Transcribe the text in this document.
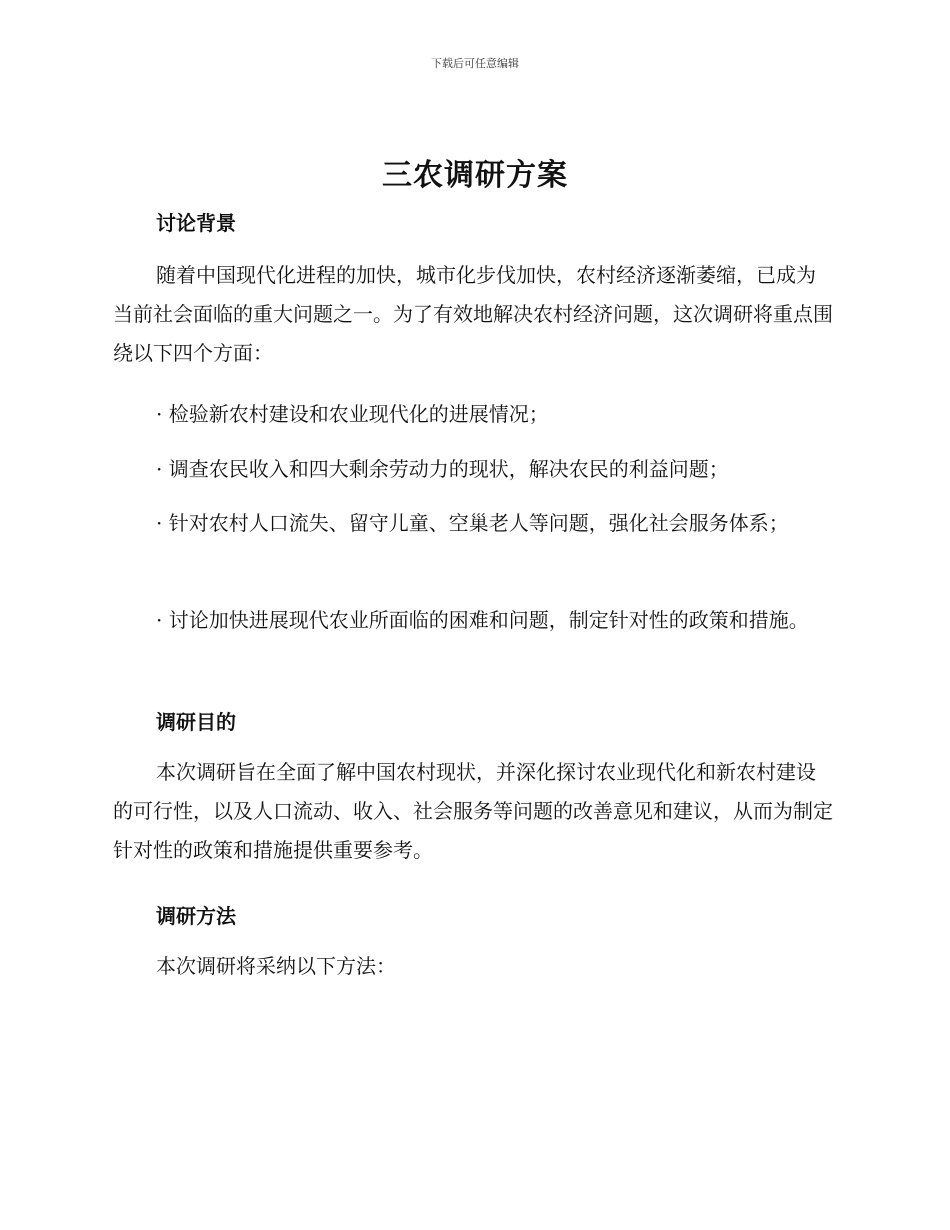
下载后可任意编辑
三农调研方案
讨论背景

随着中国现代化进程的加快，城市化步伐加快，农村经济逐渐萎缩，已成为当前社会面临的重大问题之一。为了有效地解决农村经济问题，这次调研将重点围绕以下四个方面：

· 检验新农村建设和农业现代化的进展情况；

· 调查农民收入和四大剩余劳动力的现状，解决农民的利益问题；

· 针对农村人口流失、留守儿童、空巢老人等问题，强化社会服务体系；

· 讨论加快进展现代农业所面临的困难和问题，制定针对性的政策和措施。

调研目的

本次调研旨在全面了解中国农村现状，并深化探讨农业现代化和新农村建设的可行性，以及人口流动、收入、社会服务等问题的改善意见和建议，从而为制定针对性的政策和措施提供重要参考。

调研方法

本次调研将采纳以下方法：
